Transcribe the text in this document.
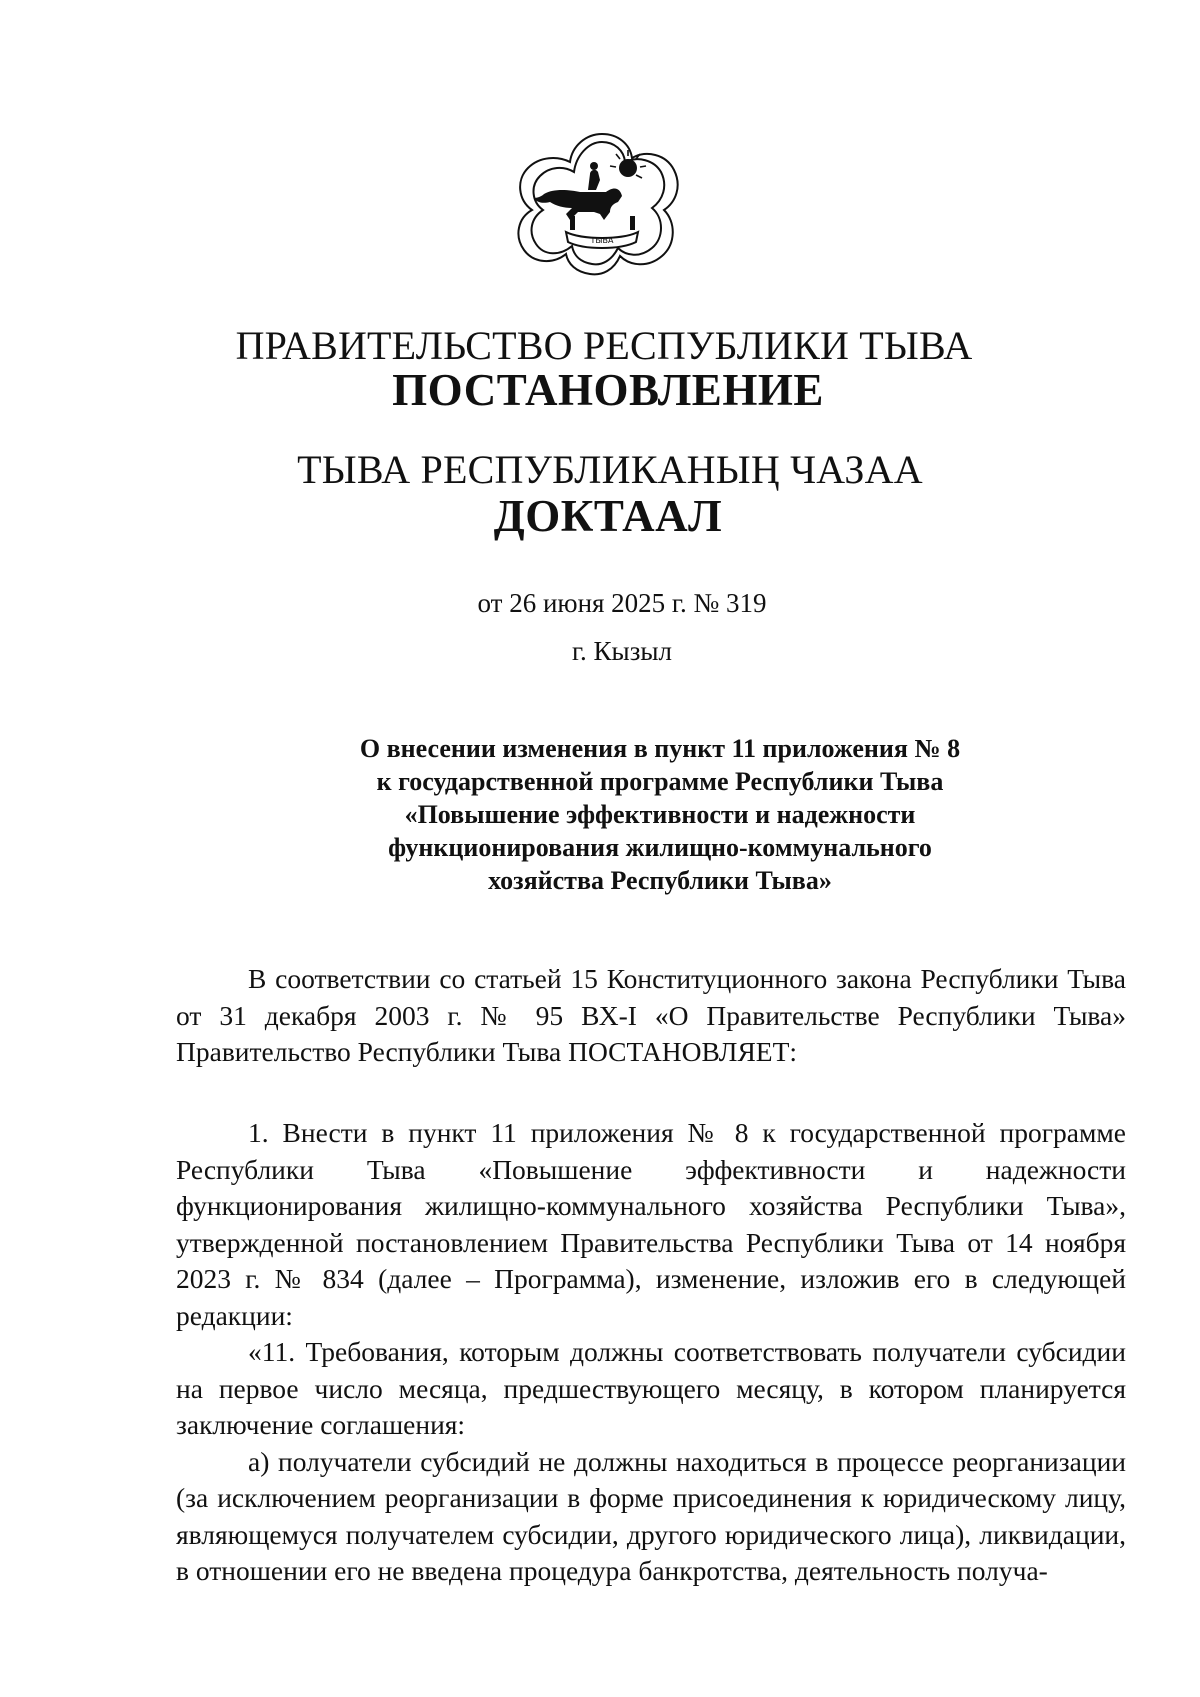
ТЫВА
ПРАВИТЕЛЬСТВО РЕСПУБЛИКИ ТЫВА
ПОСТАНОВЛЕНИЕ
ТЫВА РЕСПУБЛИКАНЫҢ ЧАЗАА
ДОКТААЛ
от 26 июня 2025 г. № 319
г. Кызыл
О внесении изменения в пункт 11 приложения № 8
к государственной программе Республики Тыва
«Повышение эффективности и надежности
функционирования жилищно-коммунального
хозяйства Республики Тыва»

В соответствии со статьей 15 Конституционного закона Республики Тыва от 31 декабря 2003 г. № 95 ВХ-I «О Правительстве Республики Тыва» Правительство Республики Тыва ПОСТАНОВЛЯЕТ:

1. Внести в пункт 11 приложения № 8 к государственной программе Республики Тыва «Повышение эффективности и надежности функционирования жилищно-коммунального хозяйства Республики Тыва», утвержденной постановлением Правительства Республики Тыва от 14 ноября 2023 г. № 834 (далее – Программа), изменение, изложив его в следующей редакции:

«11. Требования, которым должны соответствовать получатели субсидии на первое число месяца, предшествующего месяцу, в котором планируется заключение соглашения:

а) получатели субсидий не должны находиться в процессе реорганизации (за исключением реорганизации в форме присоединения к юридическому лицу, являющемуся получателем субсидии, другого юридического лица), ликвидации, в отношении его не введена процедура банкротства, деятельность получа-
